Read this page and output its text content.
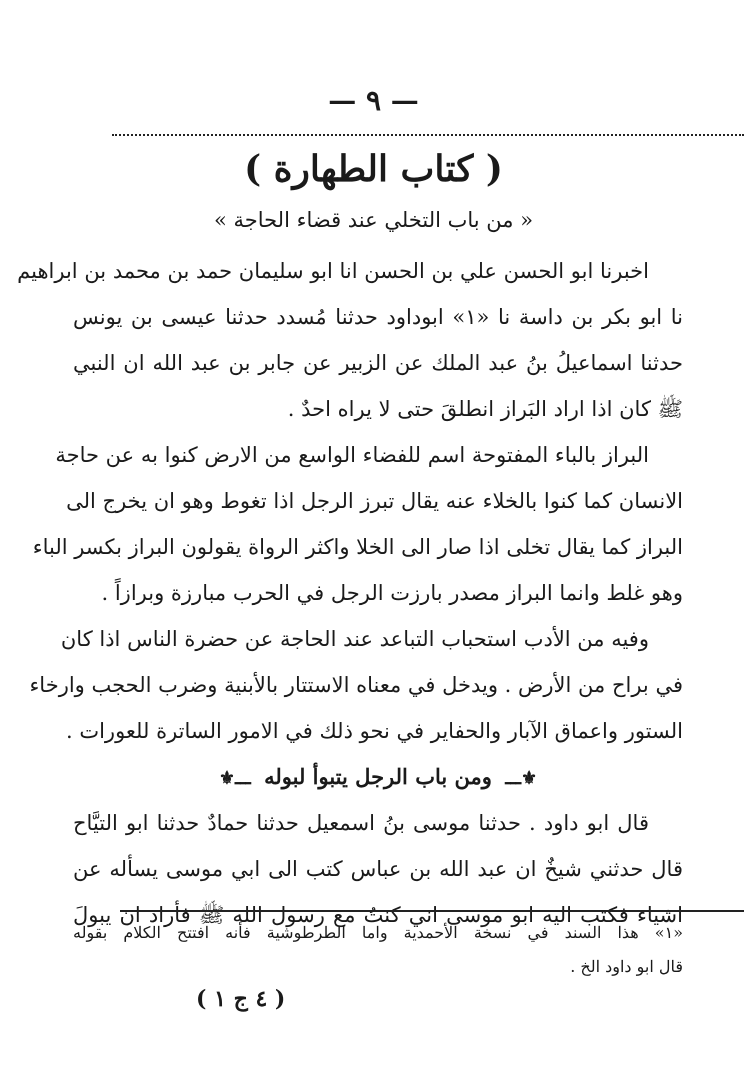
— ٩ —
( كتاب الطهارة )
« من باب التخلي عند قضاء الحاجة »
اخبرنا ابو الحسن علي بن الحسن انا ابو سليمان حمد بن محمد بن ابراهيم
نا ابو بكر بن داسة نا «١» ابوداود حدثنا مُسدد حدثنا عيسى بن يونس
حدثنا اسماعيلُ بنُ عبد الملك عن الزبير عن جابر بن عبد الله ان النبي
ﷺ كان اذا اراد البَراز انطلقَ حتى لا يراه احدٌ .
البراز بالباء المفتوحة اسم للفضاء الواسع من الارض كنوا به عن حاجة
الانسان كما كنوا بالخلاء عنه يقال تبرز الرجل اذا تغوط وهو ان يخرج الى
البراز كما يقال تخلى اذا صار الى الخلا واكثر الرواة يقولون البراز بكسر الباء
وهو غلط وانما البراز مصدر بارزت الرجل في الحرب مبارزة وبرازاً .
وفيه من الأدب استحباب التباعد عند الحاجة عن حضرة الناس اذا كان
في براح من الأرض . ويدخل في معناه الاستتار بالأبنية وضرب الحجب وارخاء
الستور واعماق الآبار والحفاير في نحو ذلك في الامور الساترة للعورات .
⚜ـــ ومن باب الرجل يتبوأ لبوله ـــ⚜
قال ابو داود . حدثنا موسى بنُ اسمعيل حدثنا حمادٌ حدثنا ابو التيَّاح
قال حدثني شيخٌ ان عبد الله بن عباس كتب الى ابي موسى يسأله عن
اشياء فكتب اليه ابو موسى اني كنتُ مع رسول الله ﷺ فأراد ان يبولَ
«١» هذا السند في نسخة الأحمدية واما الطرطوشية فأنه افتتح الكلام بقوله
قال ابو داود الخ .
( ٤ ج ١ )
